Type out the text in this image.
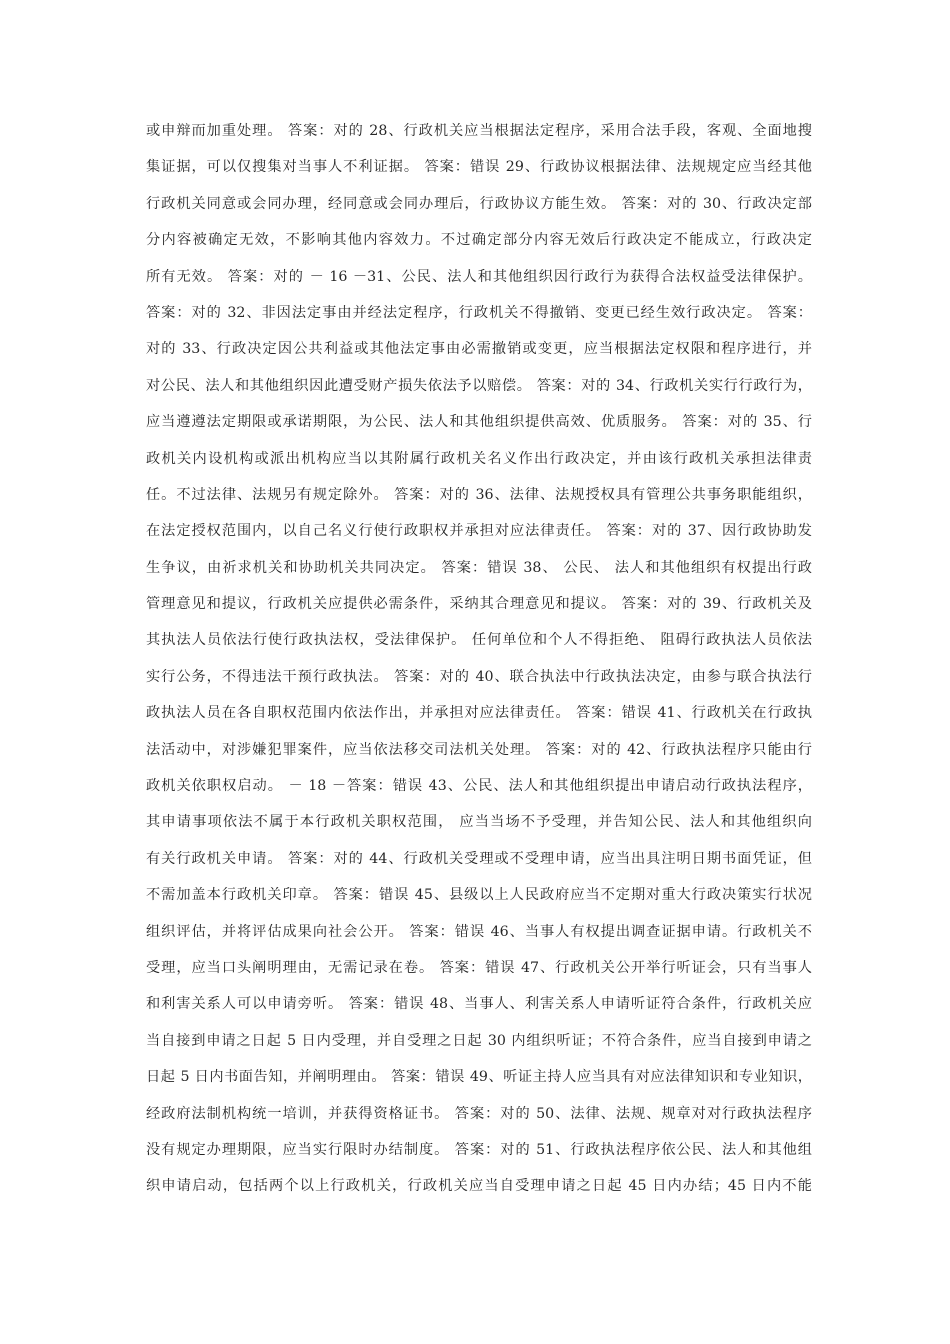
或申辩而加重处理。 答案：对的 28、行政机关应当根据法定程序，采用合法手段，客观、全面地搜
集证据，可以仅搜集对当事人不利证据。 答案：错误 29、行政协议根据法律、法规规定应当经其他
行政机关同意或会同办理，经同意或会同办理后，行政协议方能生效。 答案：对的 30、行政决定部
分内容被确定无效，不影响其他内容效力。不过确定部分内容无效后行政决定不能成立，行政决定
所有无效。 答案：对的 － 16 －31、公民、法人和其他组织因行政行为获得合法权益受法律保护。
答案：对的 32、非因法定事由并经法定程序，行政机关不得撤销、变更已经生效行政决定。 答案：
对的 33、行政决定因公共利益或其他法定事由必需撤销或变更，应当根据法定权限和程序进行，并
对公民、法人和其他组织因此遭受财产损失依法予以赔偿。 答案：对的 34、行政机关实行行政行为，
应当遵遵法定期限或承诺期限，为公民、法人和其他组织提供高效、优质服务。 答案：对的 35、行
政机关内设机构或派出机构应当以其附属行政机关名义作出行政决定，并由该行政机关承担法律责
任。不过法律、法规另有规定除外。 答案：对的 36、法律、法规授权具有管理公共事务职能组织，
在法定授权范围内，以自己名义行使行政职权并承担对应法律责任。 答案：对的 37、因行政协助发
生争议，由祈求机关和协助机关共同决定。 答案：错误 38、 公民、 法人和其他组织有权提出行政
管理意见和提议，行政机关应提供必需条件，采纳其合理意见和提议。 答案：对的 39、行政机关及
其执法人员依法行使行政执法权，受法律保护。 任何单位和个人不得拒绝、 阻碍行政执法人员依法
实行公务，不得违法干预行政执法。 答案：对的 40、联合执法中行政执法决定，由参与联合执法行
政执法人员在各自职权范围内依法作出，并承担对应法律责任。 答案：错误 41、行政机关在行政执
法活动中，对涉嫌犯罪案件，应当依法移交司法机关处理。 答案：对的 42、行政执法程序只能由行
政机关依职权启动。 － 18 －答案：错误 43、公民、法人和其他组织提出申请启动行政执法程序，
其申请事项依法不属于本行政机关职权范围， 应当当场不予受理，并告知公民、法人和其他组织向
有关行政机关申请。 答案：对的 44、行政机关受理或不受理申请，应当出具注明日期书面凭证，但
不需加盖本行政机关印章。 答案：错误 45、县级以上人民政府应当不定期对重大行政决策实行状况
组织评估，并将评估成果向社会公开。 答案：错误 46、当事人有权提出调查证据申请。行政机关不
受理，应当口头阐明理由，无需记录在卷。 答案：错误 47、行政机关公开举行听证会，只有当事人
和利害关系人可以申请旁听。 答案：错误 48、当事人、利害关系人申请听证符合条件，行政机关应
当自接到申请之日起 5 日内受理，并自受理之日起 30 内组织听证；不符合条件，应当自接到申请之
日起 5 日内书面告知，并阐明理由。 答案：错误 49、听证主持人应当具有对应法律知识和专业知识，
经政府法制机构统一培训，并获得资格证书。 答案：对的 50、法律、法规、规章对对行政执法程序
没有规定办理期限，应当实行限时办结制度。 答案：对的 51、行政执法程序依公民、法人和其他组
织申请启动，包括两个以上行政机关，行政机关应当自受理申请之日起 45 日内办结；45 日内不能
